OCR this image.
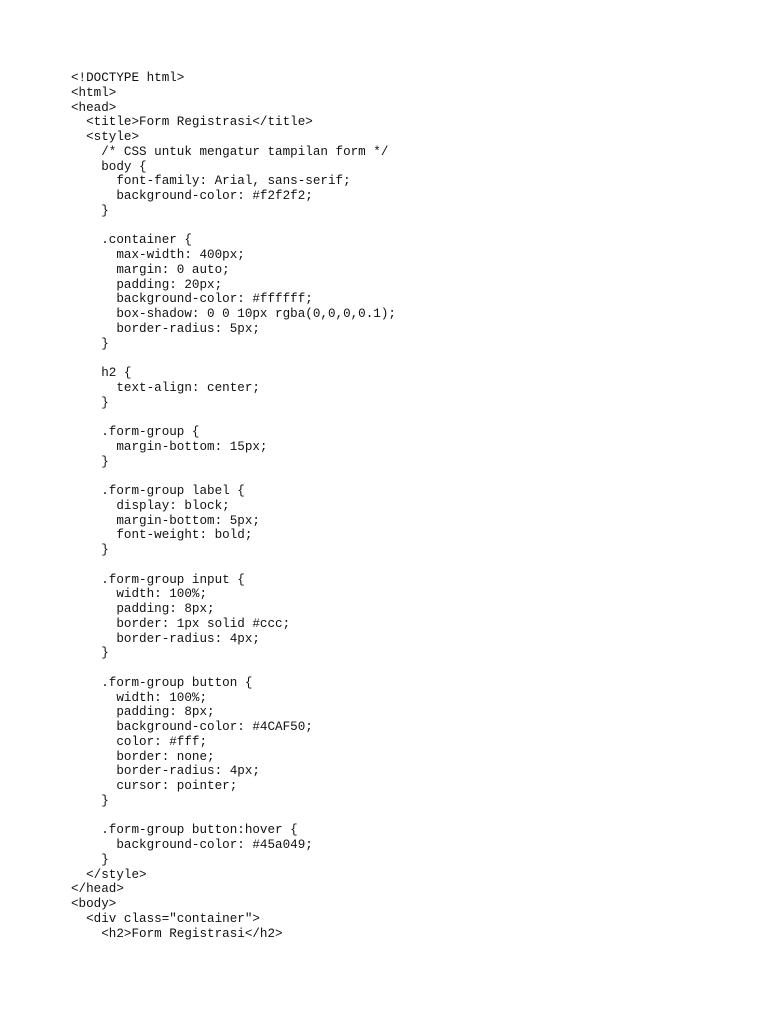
<!DOCTYPE html>
<html>
<head>
<title>Form Registrasi</title>
<style>
/* CSS untuk mengatur tampilan form */
body {
font-family: Arial, sans-serif;
background-color: #f2f2f2;
}
.container {
max-width: 400px;
margin: 0 auto;
padding: 20px;
background-color: #ffffff;
box-shadow: 0 0 10px rgba(0,0,0,0.1);
border-radius: 5px;
}
h2 {
text-align: center;
}
.form-group {
margin-bottom: 15px;
}
.form-group label {
display: block;
margin-bottom: 5px;
font-weight: bold;
}
.form-group input {
width: 100%;
padding: 8px;
border: 1px solid #ccc;
border-radius: 4px;
}
.form-group button {
width: 100%;
padding: 8px;
background-color: #4CAF50;
color: #fff;
border: none;
border-radius: 4px;
cursor: pointer;
}
.form-group button:hover {
background-color: #45a049;
}
</style>
</head>
<body>
<div class="container">
<h2>Form Registrasi</h2>
